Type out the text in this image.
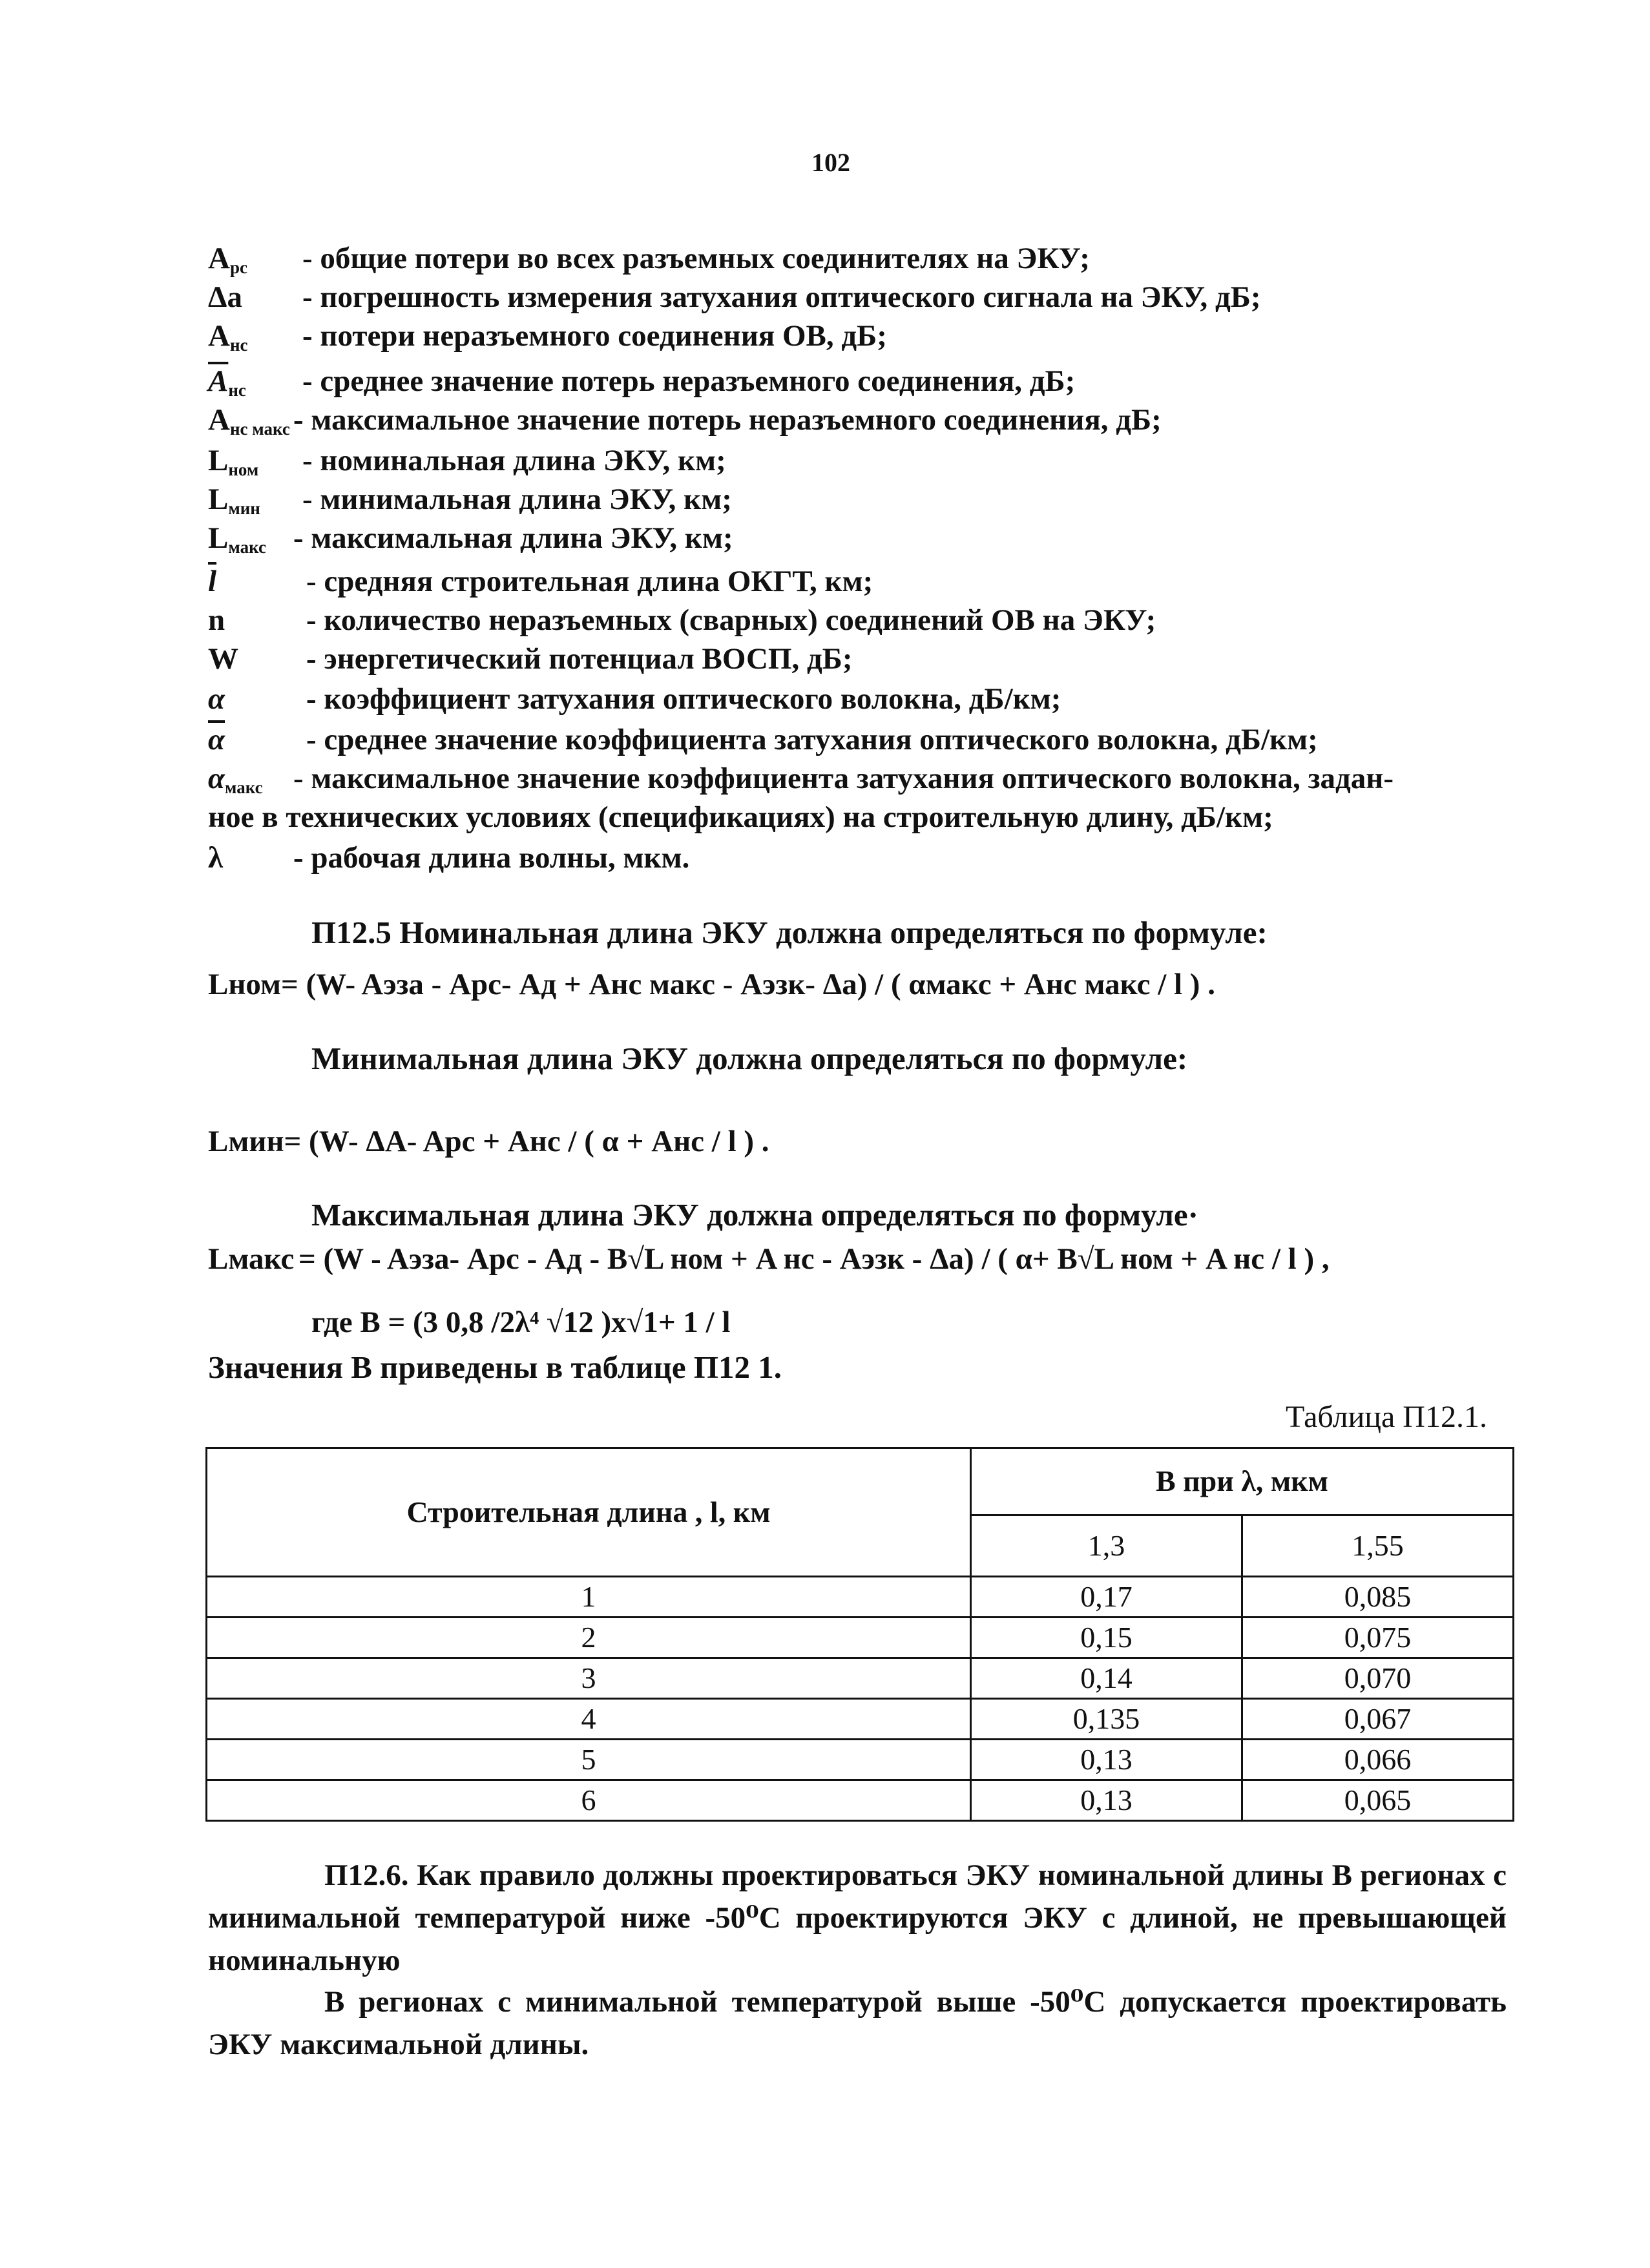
102
$A_{рс}$ - общие потери во всех разъемных соединителях на ЭКУ;
Δa - погрешность измерения затухания оптического сигнала на ЭКУ, дБ;
$A_{нс}$ - потери неразъемного соединения ОВ, дБ;
$\overline{A}_{нс}$ - среднее значение потерь неразъемного соединения, дБ;
$A_{нс макс}$ - максимальное значение потерь неразъемного соединения, дБ;
$L_{ном}$ - номинальная длина ЭКУ, км;
$L_{мин}$ - минимальная длина ЭКУ, км;
$L_{макс}$ - максимальная длина ЭКУ, км;
$\overline{l}$	- средняя строительная длина ОКГТ, км;
n	- количество неразъемных (сварных) соединений ОВ на ЭКУ;
W - энергетический потенциал ВОСП, дБ;
α	- коэффициент затухания оптического волокна, дБ/км;
$\overline{\alpha}$	- среднее значение коэффициента затухания оптического волокна, дБ/км;
$\alpha_{макс}$ - максимальное значение коэффициента затухания оптического волокна, задан-
ное в технических условиях (спецификациях) на строительную длину, дБ/км;
λ - рабочая длина волны, мкм.
П12.5 Номинальная длина ЭКУ должна определяться по формуле:
Lном= (W- Aэза - Aрс- Aд + Aнс макс - Aэзк- Δa) / ( αмакс + Aнс макс / l ) .
Минимальная длина ЭКУ должна определяться по формуле:
Lмин= (W- ΔA- Aрс + Aнс / ( α + Aнс / l ) .
Максимальная длина ЭКУ должна определяться по формуле·
Lмакс = (W - Aэза- Aрс - Aд - B√L ном + A нс - Aэзк - Δa) / ( α+ B√L ном + A нс / l ) ,
где B = (3 0,8 /2λ⁴ √12 )x√1+ 1 / l
Значения B приведены в таблице П12 1.
Таблица П12.1.
Строительная длина , l, км	B при λ, мкм	
	1,3	1,55
1	0,17	0,085
2	0,15	0,075
3	0,14	0,070
4	0,135	0,067
5	0,13	0,066
6	0,13	0,065
П12.6. Как правило должны проектироваться ЭКУ номинальной длины В регионах с минимальной температурой ниже -50⁰С проектируются ЭКУ с длиной, не превышающей номинальную
В регионах с минимальной температурой выше -50⁰С допускается проектировать ЭКУ максимальной длины.
